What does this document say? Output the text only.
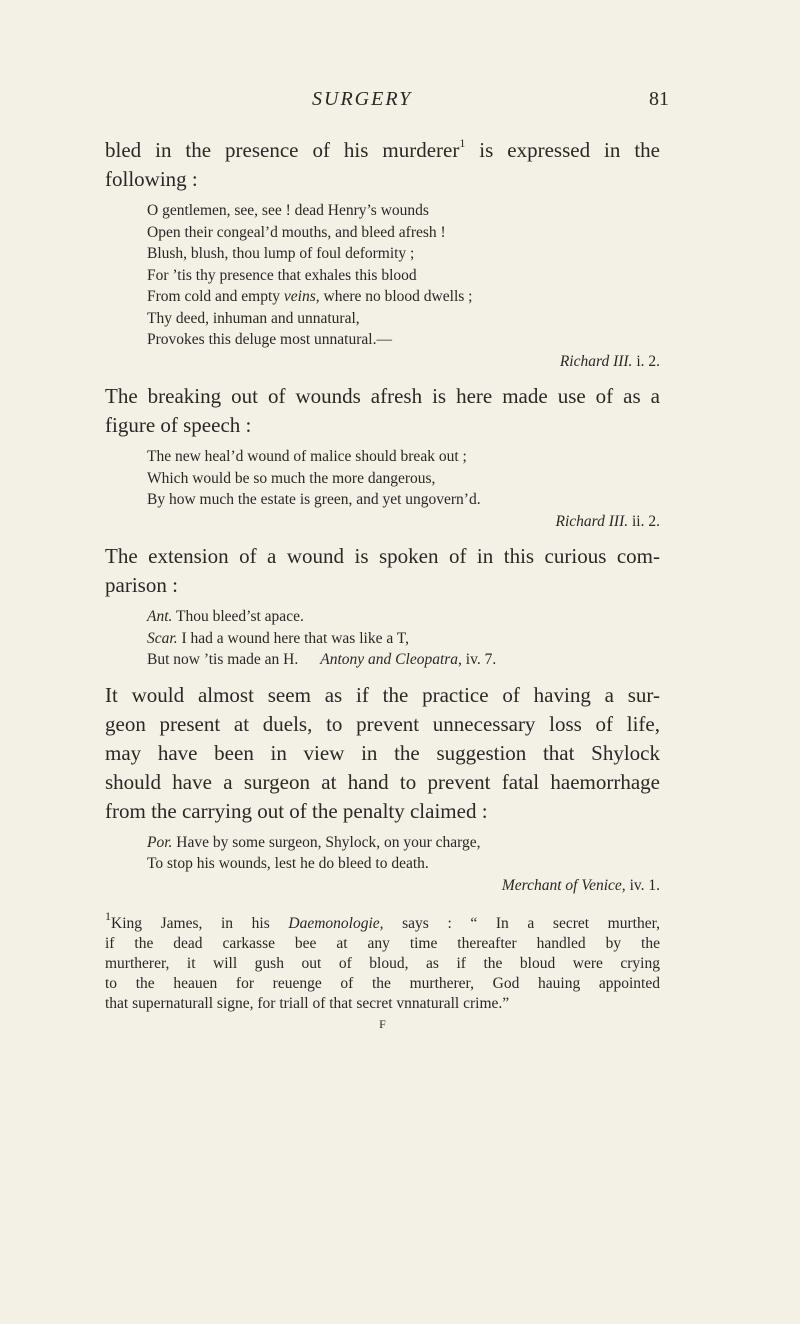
SURGERY	81

bled in the presence of his murderer$^1$ is expressed in the
following :

O gentlemen, see, see ! dead Henry’s wounds
Open their congeal’d mouths, and bleed afresh !
Blush, blush, thou lump of foul deformity ;
For ’tis thy presence that exhales this blood
From cold and empty veins, where no blood dwells ;
Thy deed, inhuman and unnatural,
Provokes this deluge most unnatural.—
Richard III. i. 2.

The breaking out of wounds afresh is here made use of as a
figure of speech :

The new heal’d wound of malice should break out ;
Which would be so much the more dangerous,
By how much the estate is green, and yet ungovern’d.
Richard III. ii. 2.

The extension of a wound is spoken of in this curious com-
parison :

Ant. Thou bleed’st apace.
Scar. I had a wound here that was like a T,
But now ’tis made an H. Antony and Cleopatra, iv. 7.

It would almost seem as if the practice of having a sur-
geon present at duels, to prevent unnecessary loss of life,
may have been in view in the suggestion that Shylock
should have a surgeon at hand to prevent fatal haemorrhage
from the carrying out of the penalty claimed :

Por. Have by some surgeon, Shylock, on your charge,
To stop his wounds, lest he do bleed to death.
Merchant of Venice, iv. 1.
$^1$King James, in his Daemonologie, says : “ In a secret murther,
if the dead carkasse bee at any time thereafter handled by the
murtherer, it will gush out of bloud, as if the bloud were crying
to the heauen for reuenge of the murtherer, God hauing appointed
that supernaturall signe, for triall of that secret vnnaturall crime.”
F
